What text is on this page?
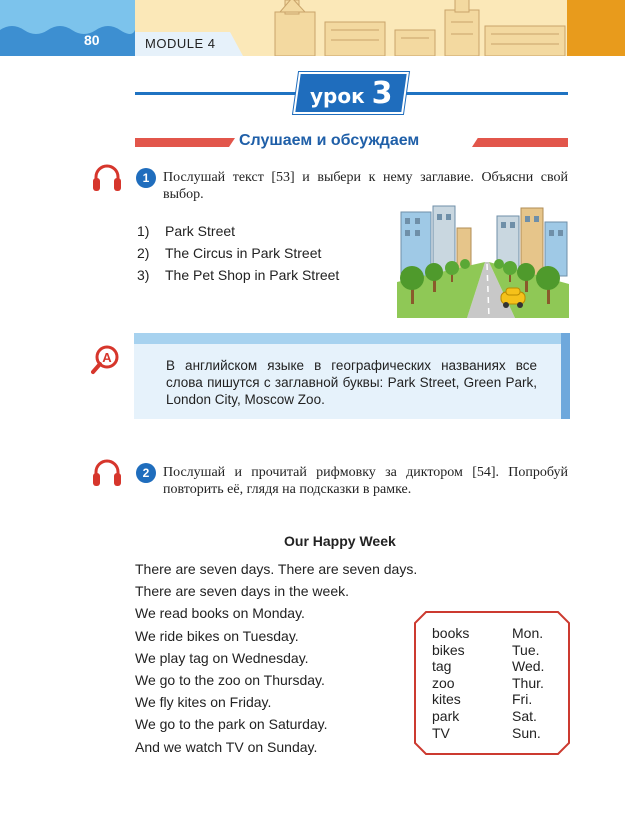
80	MODULE 4
урок 3
Слушаем и обсуждаем
1 Послушай текст [53] и выбери к нему заглавие. Объясни свой выбор.
1) Park Street
2) The Circus in Park Street
3) The Pet Shop in Park Street
A
В английском языке в географических названиях все слова пишутся с заглавной буквы: Park Street, Green Park, London City, Moscow Zoo.
2 Послушай и прочитай рифмовку за диктором [54]. Попробуй повторить её, глядя на подсказки в рамке.
Our Happy Week
There are seven days. There are seven days.
There are seven days in the week.
We read books on Monday.
We ride bikes on Tuesday.
We play tag on Wednesday.
We go to the zoo on Thursday.
We fly kites on Friday.
We go to the park on Saturday.
And we watch TV on Sunday.
books
bikes
tag
zoo
kites
park
TV
Mon.
Tue.
Wed.
Thur.
Fri.
Sat.
Sun.
